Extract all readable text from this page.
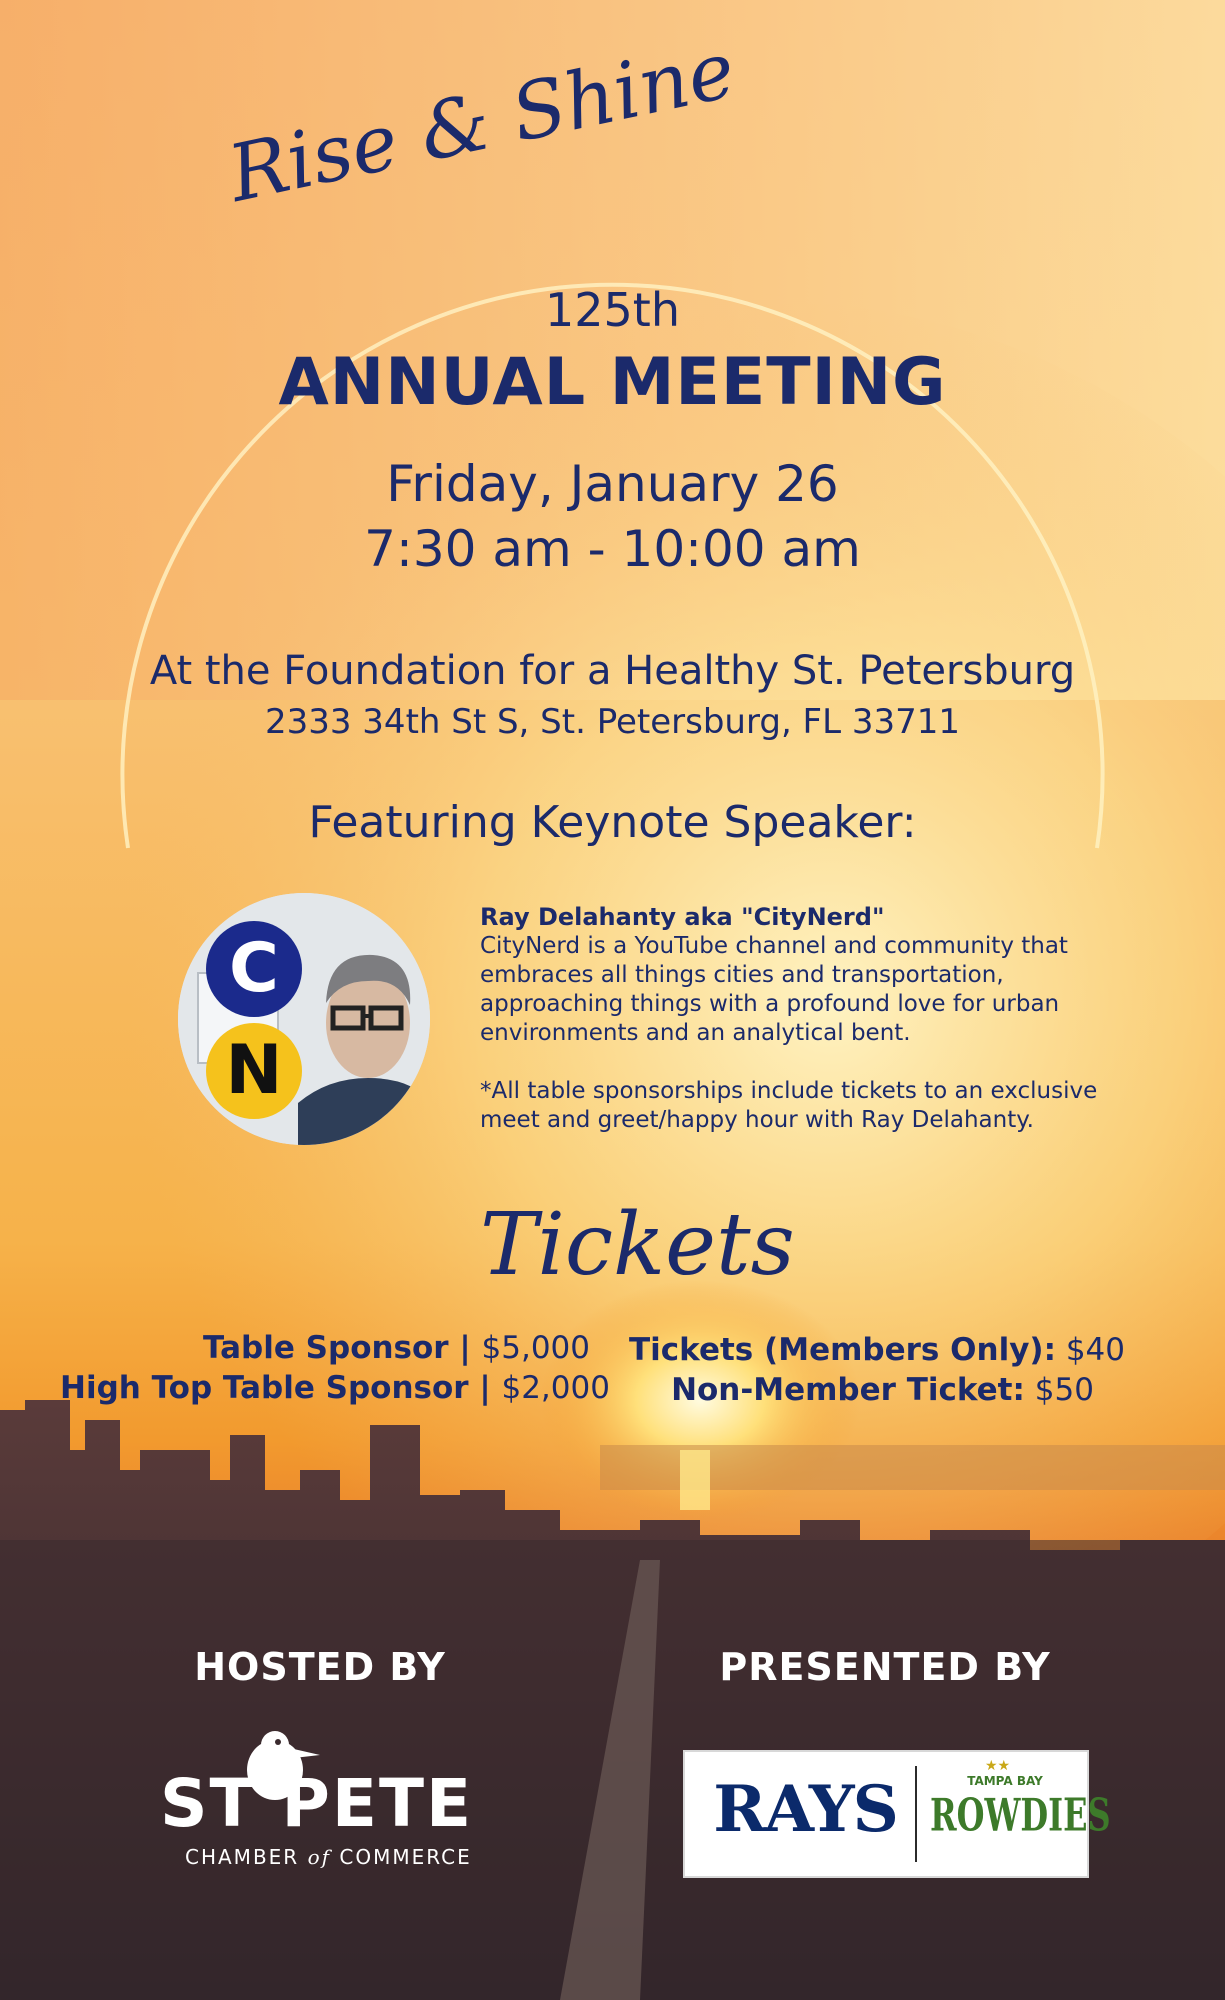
Rise & Shine
125th
ANNUAL MEETING
Friday, January 26
7:30 am - 10:00 am
At the Foundation for a Healthy St. Petersburg
2333 34th St S, St. Petersburg, FL 33711
Featuring Keynote Speaker:
C
N
Ray Delahanty aka "CityNerd"
CityNerd is a YouTube channel and community that
embraces all things cities and transportation,
approaching things with a profound love for urban
environments and an analytical bent.
*All table sponsorships include tickets to an exclusive
meet and greet/happy hour with Ray Delahanty.
Tickets
Table Sponsor | $5,000
High Top Table Sponsor | $2,000
Tickets (Members Only): $40
Non-Member Ticket: $50
HOSTED BY	PRESENTED BY
ST PETE
CHAMBER of COMMERCE
RAYS
★★
TAMPA BAY
ROWDIES
